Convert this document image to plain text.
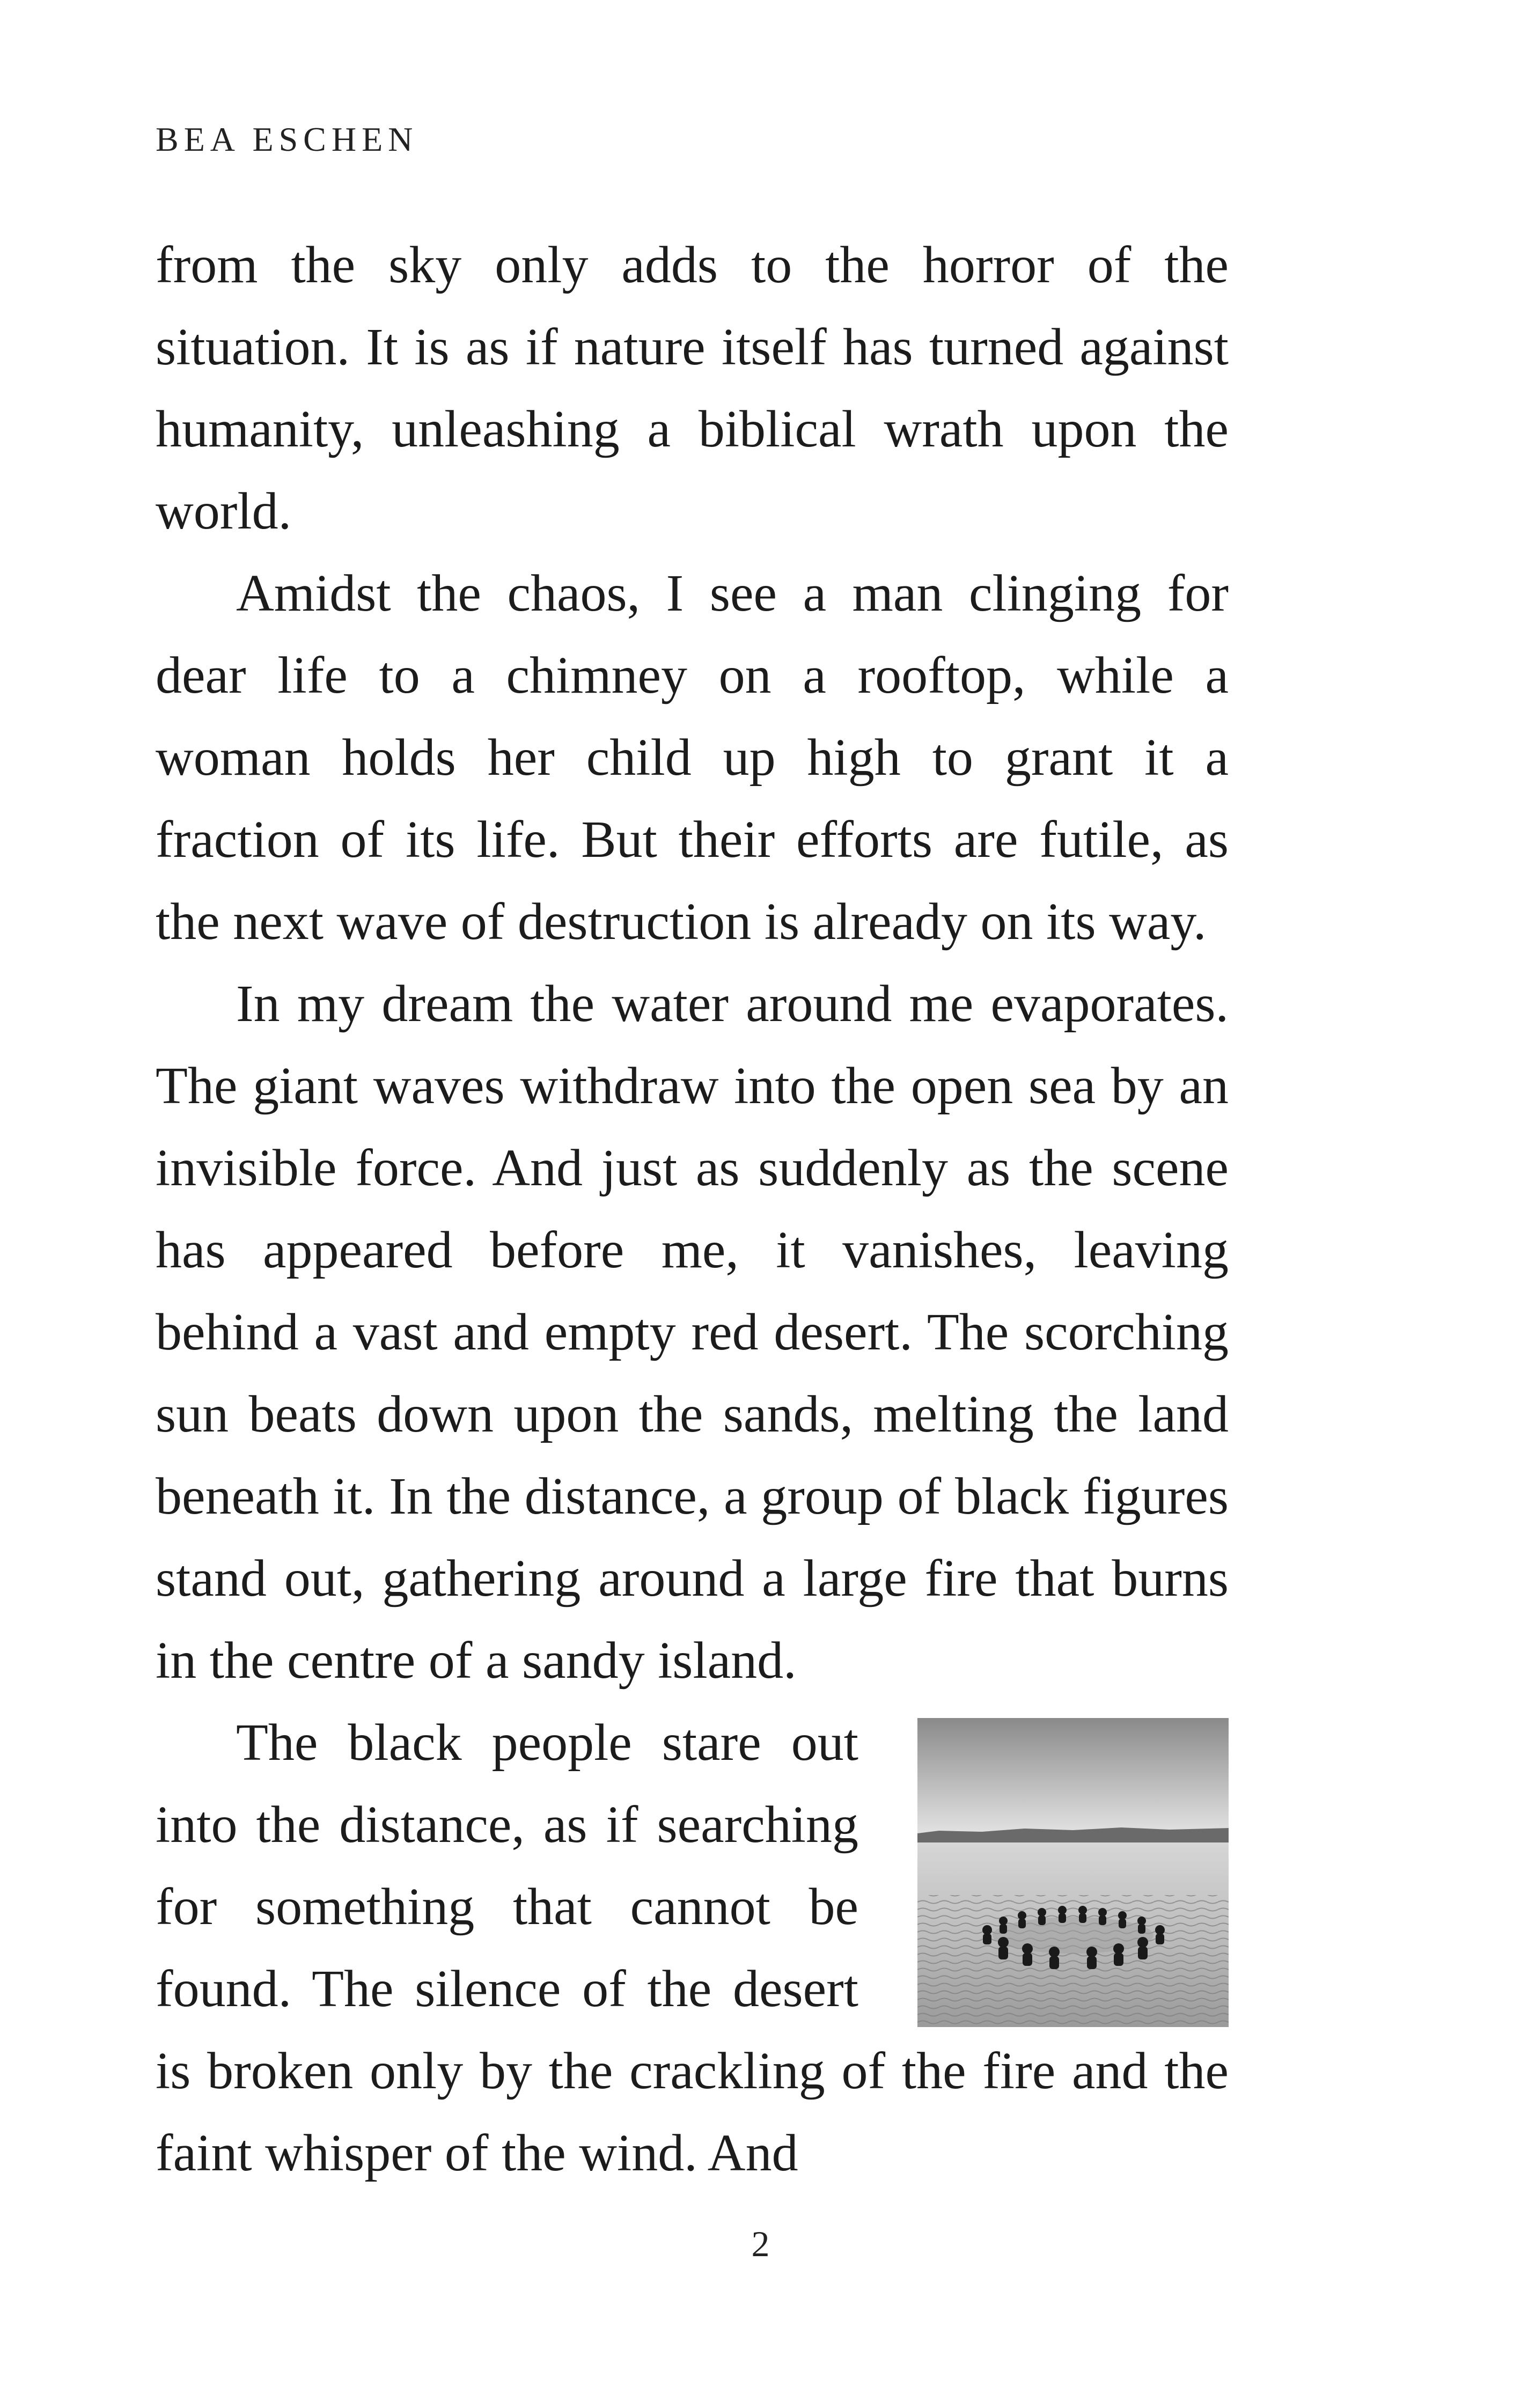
BEA ESCHEN

from the sky only adds to the horror of the situation. It is as if nature itself has turned against humanity, unleashing a biblical wrath upon the world.

Amidst the chaos, I see a man clinging for dear life to a chimney on a rooftop, while a woman holds her child up high to grant it a fraction of its life. But their efforts are futile, as the next wave of destruction is already on its way.

In my dream the water around me evaporates. The giant waves withdraw into the open sea by an invisible force. And just as suddenly as the scene has appeared before me, it vanishes, leaving behind a vast and empty red desert. The scorching sun beats down upon the sands, melting the land beneath it. In the distance, a group of black figures stand out, gathering around a large fire that burns in the centre of a sandy island.

The black people stare out into the distance, as if searching for something that cannot be found. The silence of the desert is broken only by the crackling of the fire and the faint whisper of the wind. And

2
